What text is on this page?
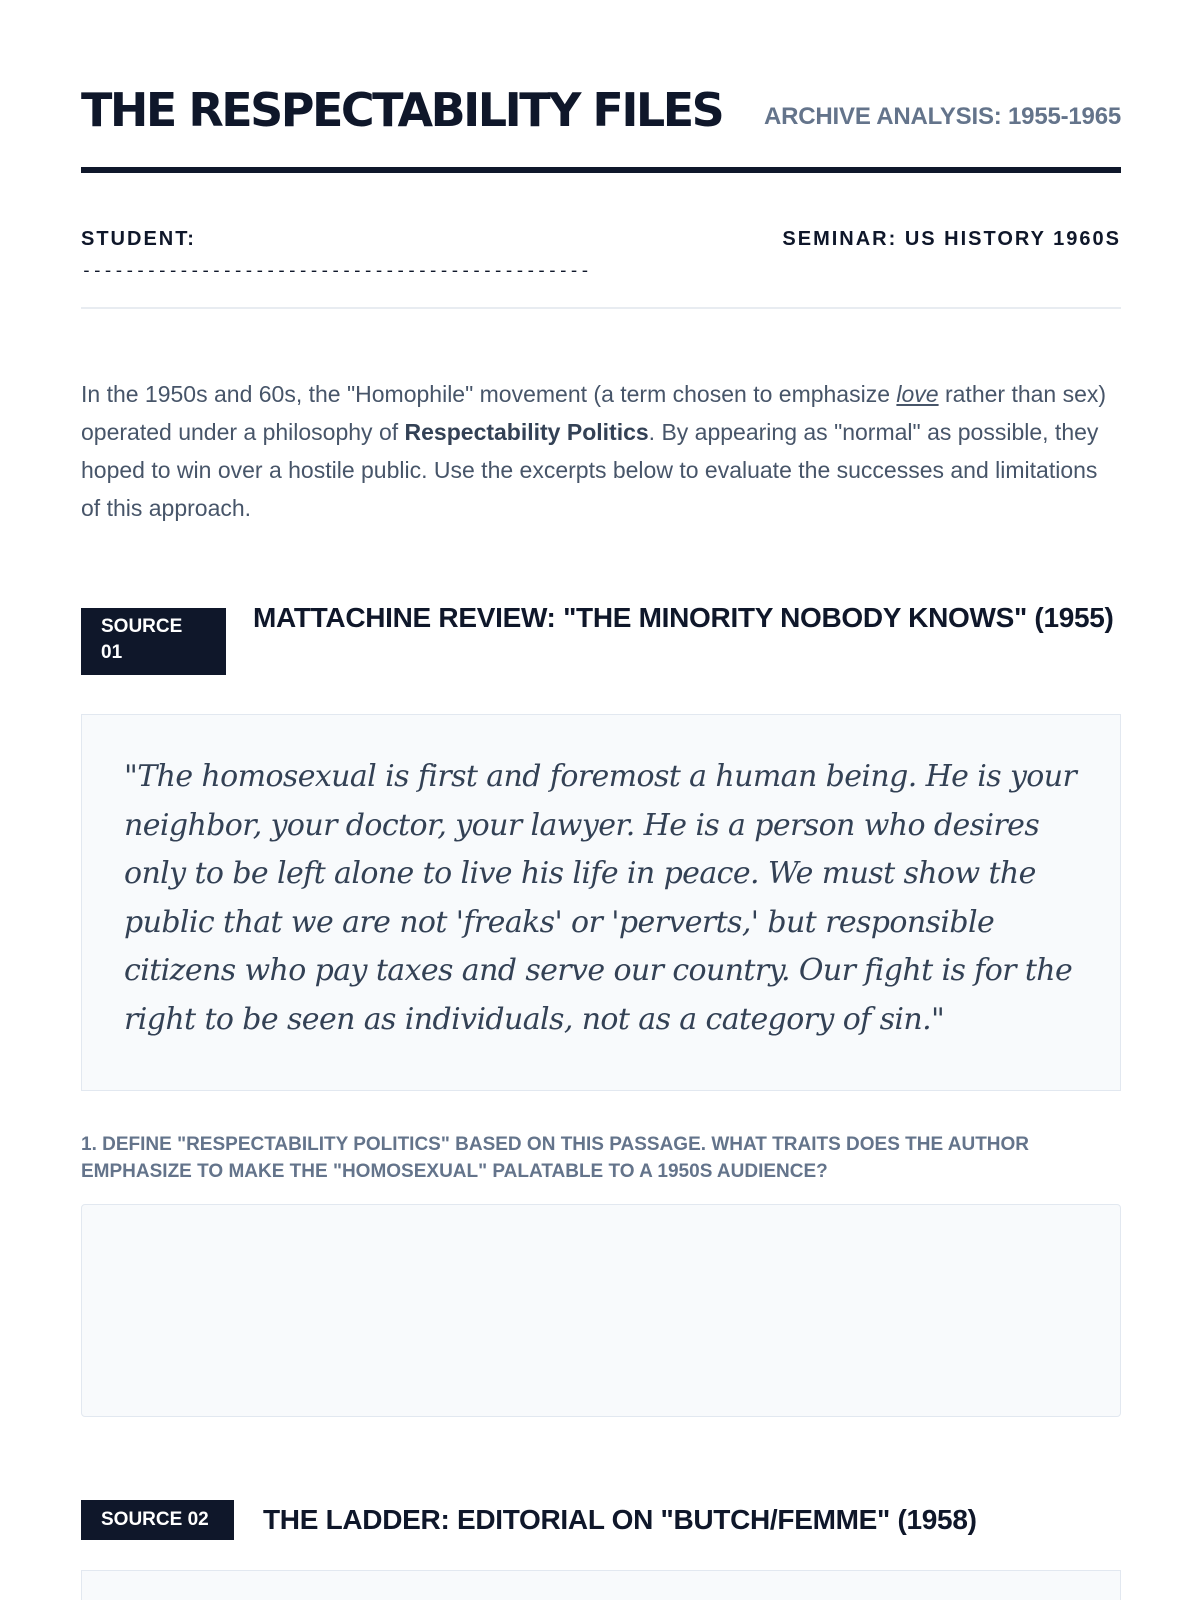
THE RESPECTABILITY FILES ARCHIVE ANALYSIS: 1955-1965
STUDENT:
-----------------------------------------------
SEMINAR: US HISTORY 1960S

In the 1950s and 60s, the "Homophile" movement (a term chosen to emphasize love rather than sex) operated under a philosophy of Respectability Politics. By appearing as "normal" as possible, they hoped to win over a hostile public. Use the excerpts below to evaluate the successes and limitations of this approach.

SOURCE 01
MATTACHINE REVIEW: "THE MINORITY NOBODY KNOWS" (1955)

"The homosexual is first and foremost a human being. He is your neighbor, your doctor, your lawyer. He is a person who desires only to be left alone to live his life in peace. We must show the public that we are not 'freaks' or 'perverts,' but responsible citizens who pay taxes and serve our country. Our fight is for the right to be seen as individuals, not as a category of sin."

1. DEFINE "RESPECTABILITY POLITICS" BASED ON THIS PASSAGE. WHAT TRAITS DOES THE AUTHOR EMPHASIZE TO MAKE THE "HOMOSEXUAL" PALATABLE TO A 1950S AUDIENCE?

SOURCE 02	THE LADDER: EDITORIAL ON "BUTCH/FEMME" (1958)
